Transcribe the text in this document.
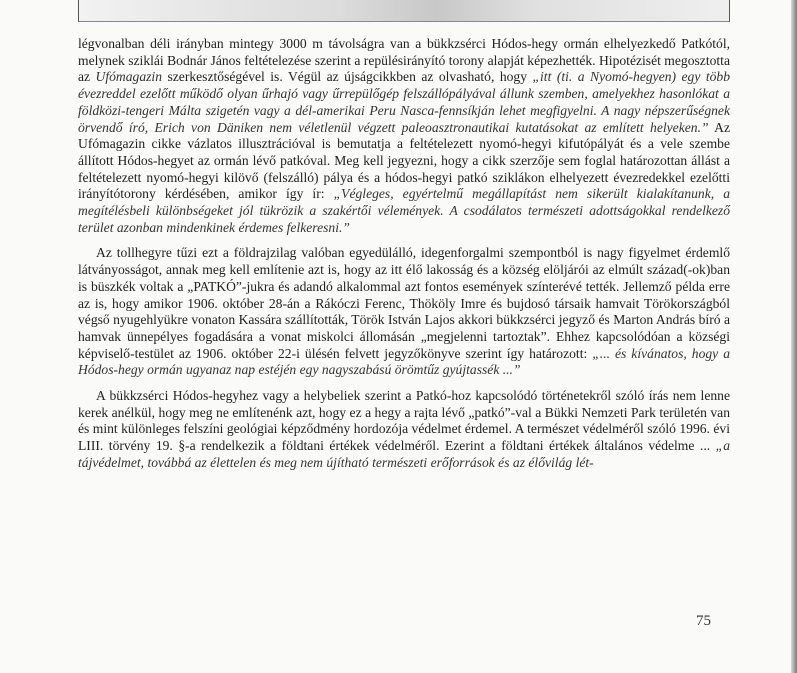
légvonalban déli irányban mintegy 3000 m távolságra van a bükkzsérci Hódos-hegy ormán elhelyezkedő Patkótól, melynek sziklái Bodnár János feltételezése szerint a repülésirányító torony alapját képezhették. Hipotézisét megosztotta az Ufómagazin szerkesztőségével is. Végül az újságcikkben az olvasható, hogy „itt (ti. a Nyomó-hegyen) egy több évezreddel ezelőtt működő olyan űrhajó vagy űrrepülőgép felszállópályával állunk szemben, amelyekhez hasonlókat a földközi-tengeri Málta szigetén vagy a dél-amerikai Peru Nasca-fennsíkján lehet megfigyelni. A nagy népszerűségnek örvendő író, Erich von Däniken nem véletlenül végzett paleoasztronautikai kutatásokat az említett helyeken.” Az Ufómagazin cikke vázlatos illusztrációval is bemutatja a feltételezett nyomó-hegyi kifutópályát és a vele szembe állított Hódos-hegyet az ormán lévő patkóval. Meg kell jegyezni, hogy a cikk szerzője sem foglal határozottan állást a feltételezett nyomó-hegyi kilövő (felszálló) pálya és a hódos-hegyi patkó sziklákon elhelyezett évezredekkel ezelőtti irányítótorony kérdésében, amikor így ír: „Végleges, egyértelmű megállapítást nem sikerült kialakítanunk, a megítélésbeli különbségeket jól tükrözik a szakértői vélemények. A csodálatos természeti adottságokkal rendelkező terület azonban mindenkinek érdemes felkeresni.”

Az tollhegyre tűzi ezt a földrajzilag valóban egyedülálló, idegenforgalmi szempontból is nagy figyelmet érdemlő látványosságot, annak meg kell említenie azt is, hogy az itt élő lakosság és a község elöljárói az elmúlt század(-ok)ban is büszkék voltak a „PATKÓ”-jukra és adandó alkalommal azt fontos események színterévé tették. Jellemző példa erre az is, hogy amikor 1906. október 28-án a Rákóczi Ferenc, Thököly Imre és bujdosó társaik hamvait Törökországból végső nyugehlyükre vonaton Kassára szállították, Török István Lajos akkori bükkzsérci jegyző és Marton András bíró a hamvak ünnepélyes fogadására a vonat miskolci állomásán „megjelenni tartoztak”. Ehhez kapcsolódóan a községi képviselő-testület az 1906. október 22-i ülésén felvett jegyzőkönyve szerint így határozott: „... és kívánatos, hogy a Hódos-hegy ormán ugyanaz nap estéjén egy nagyszabású örömtűz gyújtassék ...”

A bükkzsérci Hódos-hegyhez vagy a helybeliek szerint a Patkó-hoz kapcsolódó történetekről szóló írás nem lenne kerek anélkül, hogy meg ne említenénk azt, hogy ez a hegy a rajta lévő „patkó”-val a Bükki Nemzeti Park területén van és mint különleges felszíni geológiai képződmény hordozója védelmet érdemel. A természet védelméről szóló 1996. évi LIII. törvény 19. §-a rendelkezik a földtani értékek védelméről. Ezerint a földtani értékek általános védelme ... „a tájvédelmet, továbbá az élettelen és meg nem újítható természeti erőforrások és az élővilág lét-

75
